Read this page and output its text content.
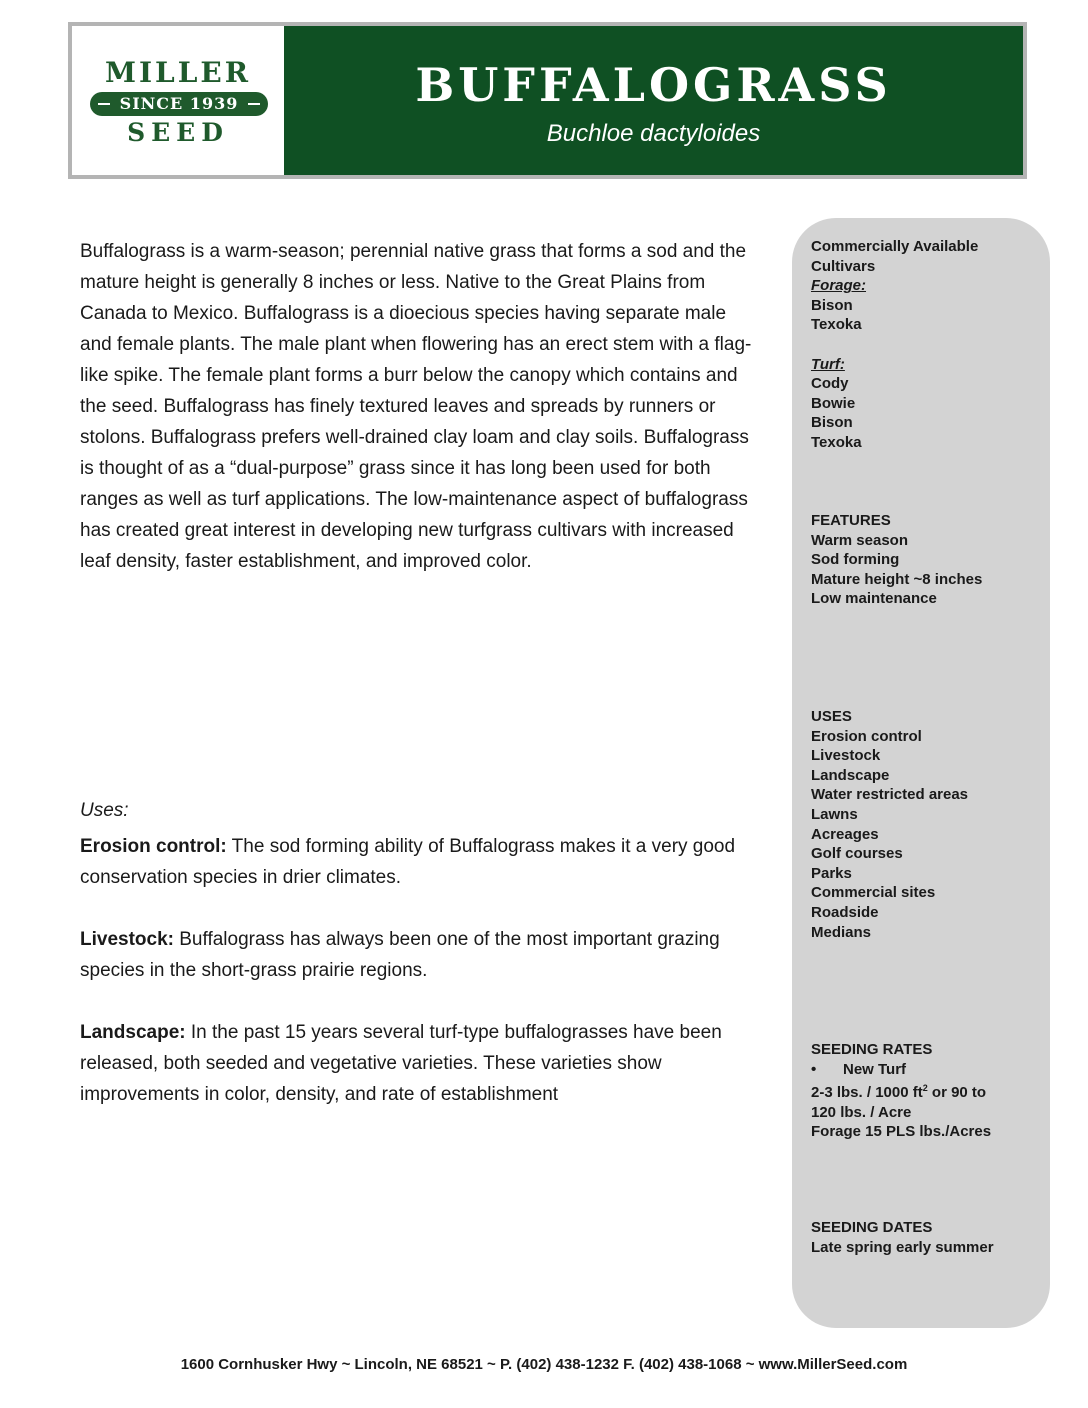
MILLER
SINCE 1939
SEED
BUFFALOGRASS
Buchloe dactyloides

Buffalograss is a warm-season; perennial native grass that forms a sod and the mature height is generally 8 inches or less. Native to the Great Plains from Canada to Mexico. Buffalograss is a dioecious species having separate male and female plants. The male plant when flowering has an erect stem with a flag-like spike. The female plant forms a burr below the canopy which contains and the seed. Buffalograss has finely textured leaves and spreads by runners or stolons. Buffalograss prefers well-drained clay loam and clay soils. Buffalograss is thought of as a “dual-purpose” grass since it has long been used for both ranges as well as turf applications. The low-maintenance aspect of buffalograss has created great interest in developing new turfgrass cultivars with increased leaf density, faster establishment, and improved color.

Uses:

Erosion control: The sod forming ability of Buffalograss makes it a very good conservation species in drier climates.

Livestock: Buffalograss has always been one of the most important grazing species in the short-grass prairie regions.

Landscape: In the past 15 years several turf-type buffalograsses have been released, both seeded and vegetative varieties. These varieties show improvements in color, density, and rate of establishment

Commercially Available
Cultivars
Forage:
Bison
Texoka

Turf:
Cody
Bowie
Bison
Texoka
FEATURES
Warm season
Sod forming
Mature height ~8 inches
Low maintenance
USES
Erosion control
Livestock
Landscape
Water restricted areas
Lawns
Acreages
Golf courses
Parks
Commercial sites
Roadside
Medians
SEEDING RATES
• New Turf
2-3 lbs. / 1000 $ft^2$ or 90 to
120 lbs. / Acre
Forage 15 PLS lbs./Acres
SEEDING DATES
Late spring early summer
1600 Cornhusker Hwy ~ Lincoln, NE 68521 ~ P. (402) 438-1232 F. (402) 438-1068 ~ www.MillerSeed.com
